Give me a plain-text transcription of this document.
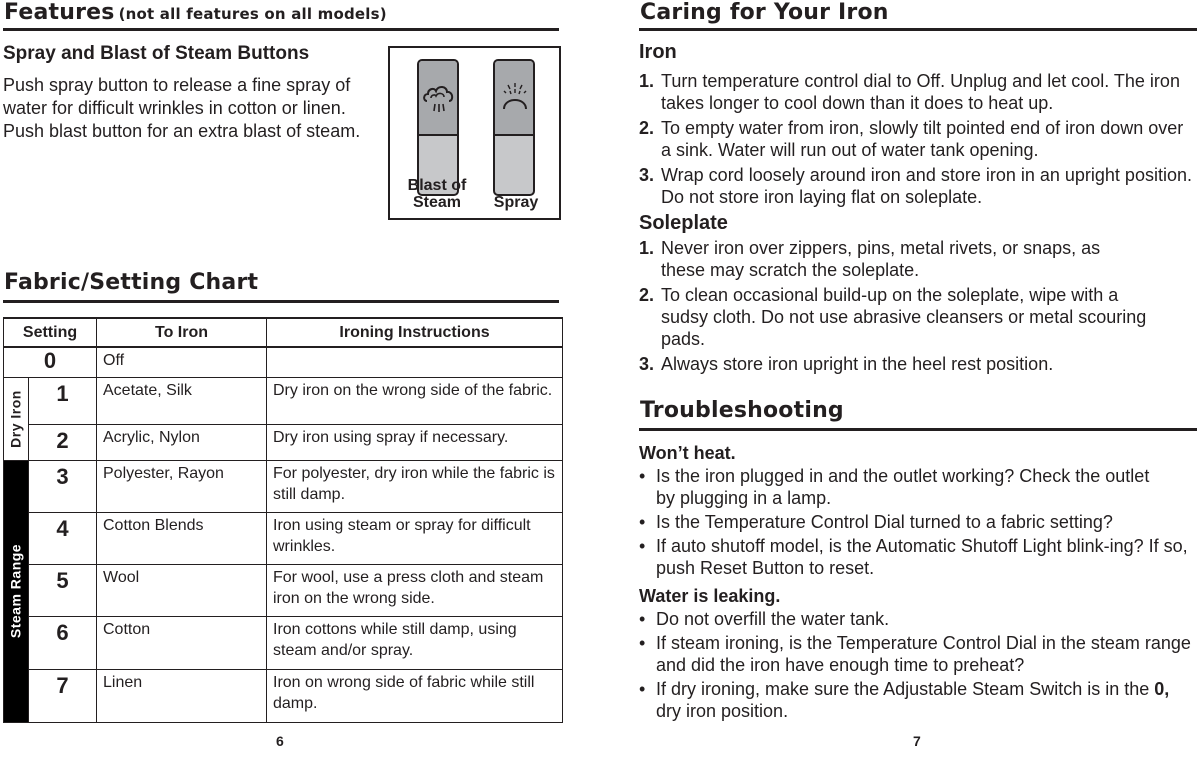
Features (not all features on all models)
Spray and Blast of Steam Buttons
Push spray button to release a fine spray of water for difficult wrinkles in cotton or linen. Push blast button for an extra blast of steam.
Blast of
Steam	Spray
Fabric/Setting Chart
Setting		To Iron	Ironing Instructions
0		Off	

Dry Iron	1	Acetate, Silk	Dry iron on the wrong side of the fabric.
	2	Acrylic, Nylon	Dry iron using spray if necessary.

Steam Range	3	Polyester, Rayon	For polyester, dry iron while the fabric is still damp.
	4	Cotton Blends	Iron using steam or spray for difficult wrinkles.
	5	Wool	For wool, use a press cloth and steam iron on the wrong side.
	6	Cotton	Iron cottons while still damp, using steam and/or spray.
	7	Linen	Iron on wrong side of fabric while still damp.
6
Caring for Your Iron
Iron
1. Turn temperature control dial to Off. Unplug and let cool. The iron takes longer to cool down than it does to heat up.
2. To empty water from iron, slowly tilt pointed end of iron down over a sink. Water will run out of water tank opening.
3. Wrap cord loosely around iron and store iron in an upright position. Do not store iron laying flat on soleplate.
Soleplate
1. Never iron over zippers, pins, metal rivets, or snaps, as these may scratch the soleplate.
2. To clean occasional build-up on the soleplate, wipe with a sudsy cloth. Do not use abrasive cleansers or metal scouring pads.
3. Always store iron upright in the heel rest position.
Troubleshooting
Won’t heat.
• Is the iron plugged in and the outlet working? Check the outlet by plugging in a lamp.
• Is the Temperature Control Dial turned to a fabric setting?
• If auto shutoff model, is the Automatic Shutoff Light blink-ing? If so, push Reset Button to reset.
Water is leaking.
• Do not overfill the water tank.
• If steam ironing, is the Temperature Control Dial in the steam range and did the iron have enough time to preheat?
• If dry ironing, make sure the Adjustable Steam Switch is in the 0, dry iron position.
7
